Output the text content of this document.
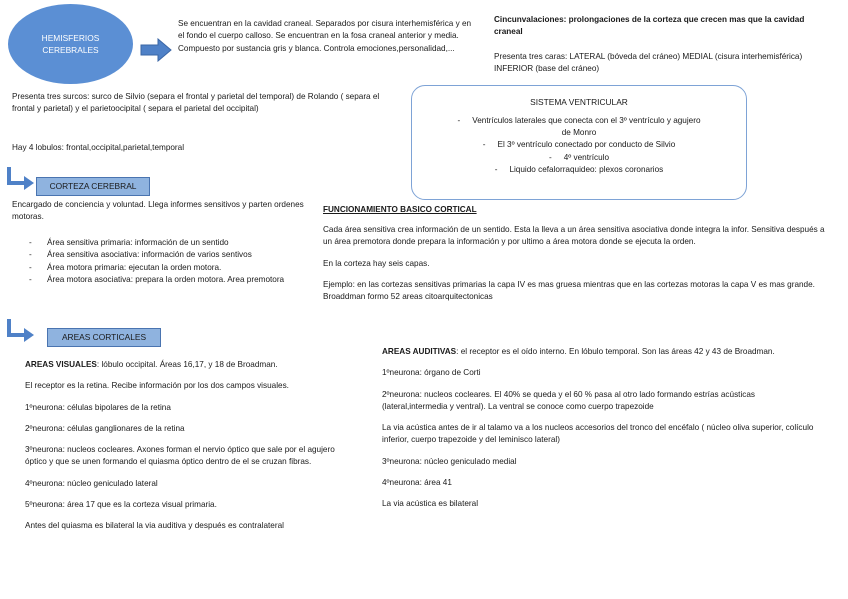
HEMISFERIOS CEREBRALES

Se encuentran en la cavidad craneal. Separados por cisura interhemisférica y en el fondo el cuerpo calloso. Se encuentran en la fosa craneal anterior y media. Compuesto por sustancia gris y blanca. Controla emociones,personalidad,...

Cincunvalaciones: prolongaciones de la corteza que crecen mas que la cavidad craneal

Presenta tres caras: LATERAL (bóveda del cráneo) MEDIAL (cisura interhemisférica) INFERIOR (base del cráneo)

Presenta tres surcos: surco de Silvio (separa el frontal y parietal del temporal) de Rolando ( separa el frontal y parietal) y el parietoocipital ( separa el parietal del occipital)

Hay 4 lobulos: frontal,occipital,parietal,temporal

SISTEMA VENTRICULAR
- Ventrículos laterales que conecta con el 3º ventrículo y agujero de Monro
- El 3º ventrículo conectado por conducto de Silvio
- 4º ventrículo
- Liquido cefalorraquideo: plexos coronarios
CORTEZA CEREBRAL

Encargado de conciencia y voluntad. Llega informes sensitivos y parten ordenes motoras.

- Área sensitiva primaria: información de un sentido
- Área sensitiva asociativa: información de varios sentivos
- Área motora primaria: ejecutan la orden motora.
- Área motora asociativa: prepara la orden motora. Area premotora

FUNCIONAMIENTO BASICO CORTICAL

Cada área sensitiva crea información de un sentido. Esta la lleva a un área sensitiva asociativa donde integra la infor. Sensitiva después a un área premotora donde prepara la información y por ultimo a área motora donde se ejecuta la orden.

En la corteza hay seis capas.

Ejemplo: en las cortezas sensitivas primarias la capa IV es mas gruesa mientras que en las cortezas motoras la capa V es mas grande. Broaddman formo 52 areas citoarquitectonicas

AREAS CORTICALES

AREAS VISUALES: lóbulo occipital. Áreas 16,17, y 18 de Broadman.

El receptor es la retina. Recibe información por los dos campos visuales.

1ºneurona: células bipolares de la retina

2ºneurona: células ganglionares de la retina

3ºneurona: nucleos cocleares. Axones forman el nervio óptico que sale por el agujero óptico y que se unen formando el quiasma óptico dentro de el se cruzan fibras.

4ºneurona: núcleo geniculado lateral

5ºneurona: área 17 que es la corteza visual primaria.

Antes del quiasma es bilateral la via auditiva y después es contralateral

AREAS AUDITIVAS: el receptor es el oído interno. En lóbulo temporal. Son las áreas 42 y 43 de Broadman.

1ºneurona: órgano de Corti

2ºneurona: nucleos cocleares. El 40% se queda y el 60 % pasa al otro lado formando estrías acústicas (lateral,intermedia y ventral). La ventral se conoce como cuerpo trapezoide

La via acústica antes de ir al talamo va a los nucleos accesorios del tronco del encéfalo ( núcleo oliva superior, colículo inferior, cuerpo trapezoide y del leminisco lateral)

3ºneurona: núcleo geniculado medial

4ºneurona: área 41

La via acústica es bilateral
